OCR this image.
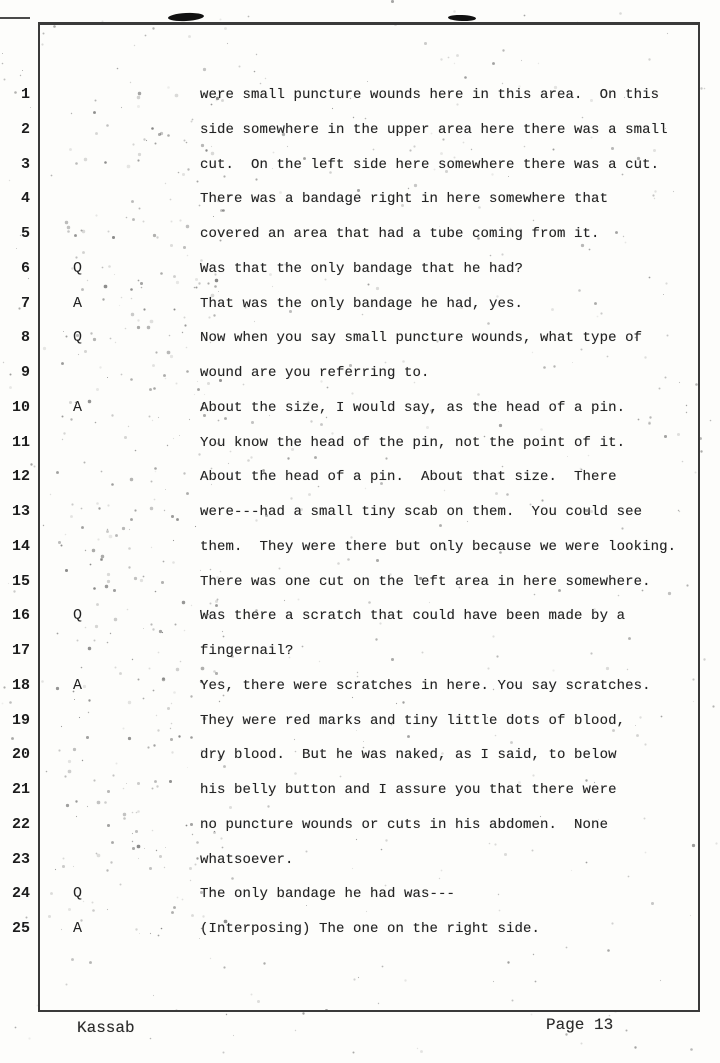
1	were small puncture wounds here in this area.  On this
2	side somewhere in the upper area here there was a small
3	cut.  On the left side here somewhere there was a cut.
4	There was a bandage right in here somewhere that
5	covered an area that had a tube coming from it.
6	Q	Was that the only bandage that he had?
7	A	That was the only bandage he had, yes.
8	Q	Now when you say small puncture wounds, what type of
9	wound are you referring to.
10	A	About the size, I would say, as the head of a pin.
11	You know the head of the pin, not the point of it.
12	About the head of a pin.  About that size.  There
13	were---had a small tiny scab on them.  You could see
14	them.  They were there but only because we were looking.
15	There was one cut on the left area in here somewhere.
16	Q	Was there a scratch that could have been made by a
17	fingernail?
18	A	Yes, there were scratches in here. You say scratches.
19	They were red marks and tiny little dots of blood,
20	dry blood.  But he was naked, as I said, to below
21	his belly button and I assure you that there were
22	no puncture wounds or cuts in his abdomen.  None
23	whatsoever.
24	Q	The only bandage he had was---
25	A	(Interposing) The one on the right side.
Kassab	Page 13
